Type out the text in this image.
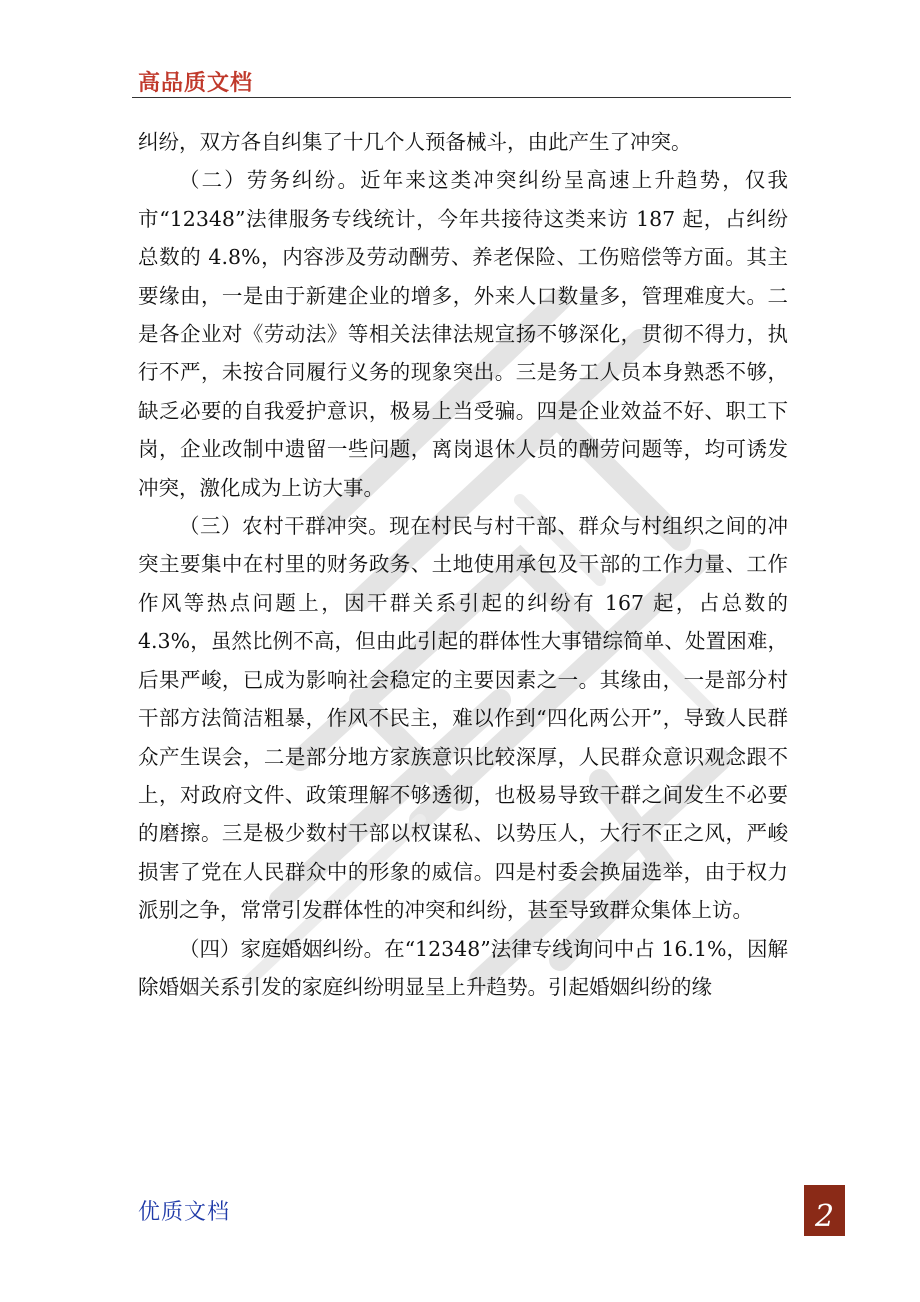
高品质文档

纠纷，双方各自纠集了十几个人预备械斗，由此产生了冲突。

（二）劳务纠纷。近年来这类冲突纠纷呈高速上升趋势，仅我市“12348”法律服务专线统计，今年共接待这类来访 187 起，占纠纷总数的 4.8%，内容涉及劳动酬劳、养老保险、工伤赔偿等方面。其主要缘由，一是由于新建企业的增多，外来人口数量多，管理难度大。二是各企业对《劳动法》等相关法律法规宣扬不够深化，贯彻不得力，执行不严，未按合同履行义务的现象突出。三是务工人员本身熟悉不够，缺乏必要的自我爱护意识，极易上当受骗。四是企业效益不好、职工下岗，企业改制中遗留一些问题，离岗退休人员的酬劳问题等，均可诱发冲突，激化成为上访大事。

（三）农村干群冲突。现在村民与村干部、群众与村组织之间的冲突主要集中在村里的财务政务、土地使用承包及干部的工作力量、工作作风等热点问题上，因干群关系引起的纠纷有 167 起，占总数的 4.3%，虽然比例不高，但由此引起的群体性大事错综简单、处置困难，后果严峻，已成为影响社会稳定的主要因素之一。其缘由，一是部分村干部方法简洁粗暴，作风不民主，难以作到“四化两公开”，导致人民群众产生误会，二是部分地方家族意识比较深厚，人民群众意识观念跟不上，对政府文件、政策理解不够透彻，也极易导致干群之间发生不必要的磨擦。三是极少数村干部以权谋私、以势压人，大行不正之风，严峻损害了党在人民群众中的形象的威信。四是村委会换届选举，由于权力派别之争，常常引发群体性的冲突和纠纷，甚至导致群众集体上访。

（四）家庭婚姻纠纷。在“12348”法律专线询问中占 16.1%，因解除婚姻关系引发的家庭纠纷明显呈上升趋势。引起婚姻纠纷的缘

优质文档	2
